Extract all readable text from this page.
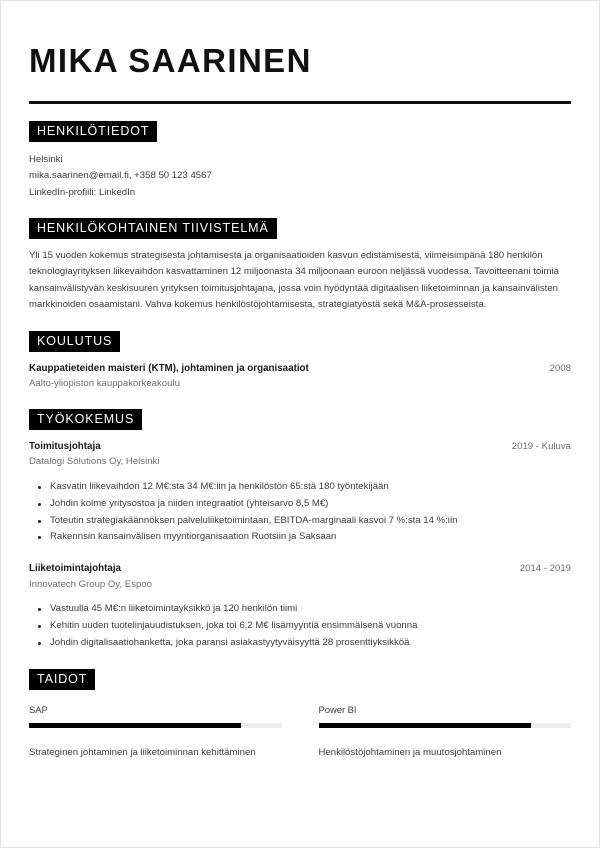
MIKA SAARINEN
HENKILÖTIEDOT
Helsinki
mika.saarinen@email.fi, +358 50 123 4567
LinkedIn-profiili: LinkedIn
HENKILÖKOHTAINEN TIIVISTELMÄ

Yli 15 vuoden kokemus strategisesta johtamisesta ja organisaatioiden kasvun edistämisestä, viimeisimpänä 180 henkilön teknologiayrityksen liikevaihdon kasvattaminen 12 miljoonasta 34 miljoonaan euroon neljässä vuodessa. Tavoitteenani toimia kansainvälistyvän keskisuuren yrityksen toimitusjohtajana, jossa voin hyödyntää digitaalisen liiketoiminnan ja kansainvälisten markkinoiden osaamistani. Vahva kokemus henkilöstöjohtamisesta, strategiatyöstä sekä M&A-prosesseista.

KOULUTUS
Kauppatieteiden maisteri (KTM), johtaminen ja organisaatiot	2008
Aalto-yliopiston kauppakorkeakoulu
TYÖKOKEMUS
Toimitusjohtaja	2019 - Kuluva
Datalogi Solutions Oy, Helsinki
Kasvatin liikevaihdon 12 M€:sta 34 M€:iin ja henkilöstön 65:stä 180 työntekijään
Johdin kolme yritysostoa ja niiden integraatiot (yhteisarvo 8,5 M€)
Toteutin strategiakäännöksen palveluliiketoimintaan, EBITDA-marginaali kasvoi 7 %:sta 14 %:iin
Rakennsin kansainvälisen myyntiorganisaation Ruotsiin ja Saksaan
Liiketoimintajohtaja	2014 - 2019
Innovatech Group Oy, Espoo
Vastuulla 45 M€:n liiketoimintayksikkö ja 120 henkilön tiimi
Kehitin uuden tuotelinjauudistuksen, joka toi 6,2 M€ lisämyyntiä ensimmäisenä vuonna
Johdin digitalisaatiohanketta, joka paransi asiakastyytyväisyyttä 28 prosenttiyksikköä
TAIDOT
SAP	Power BI
Strateginen johtaminen ja liiketoiminnan kehittäminen	Henkilöstöjohtaminen ja muutosjohtaminen
